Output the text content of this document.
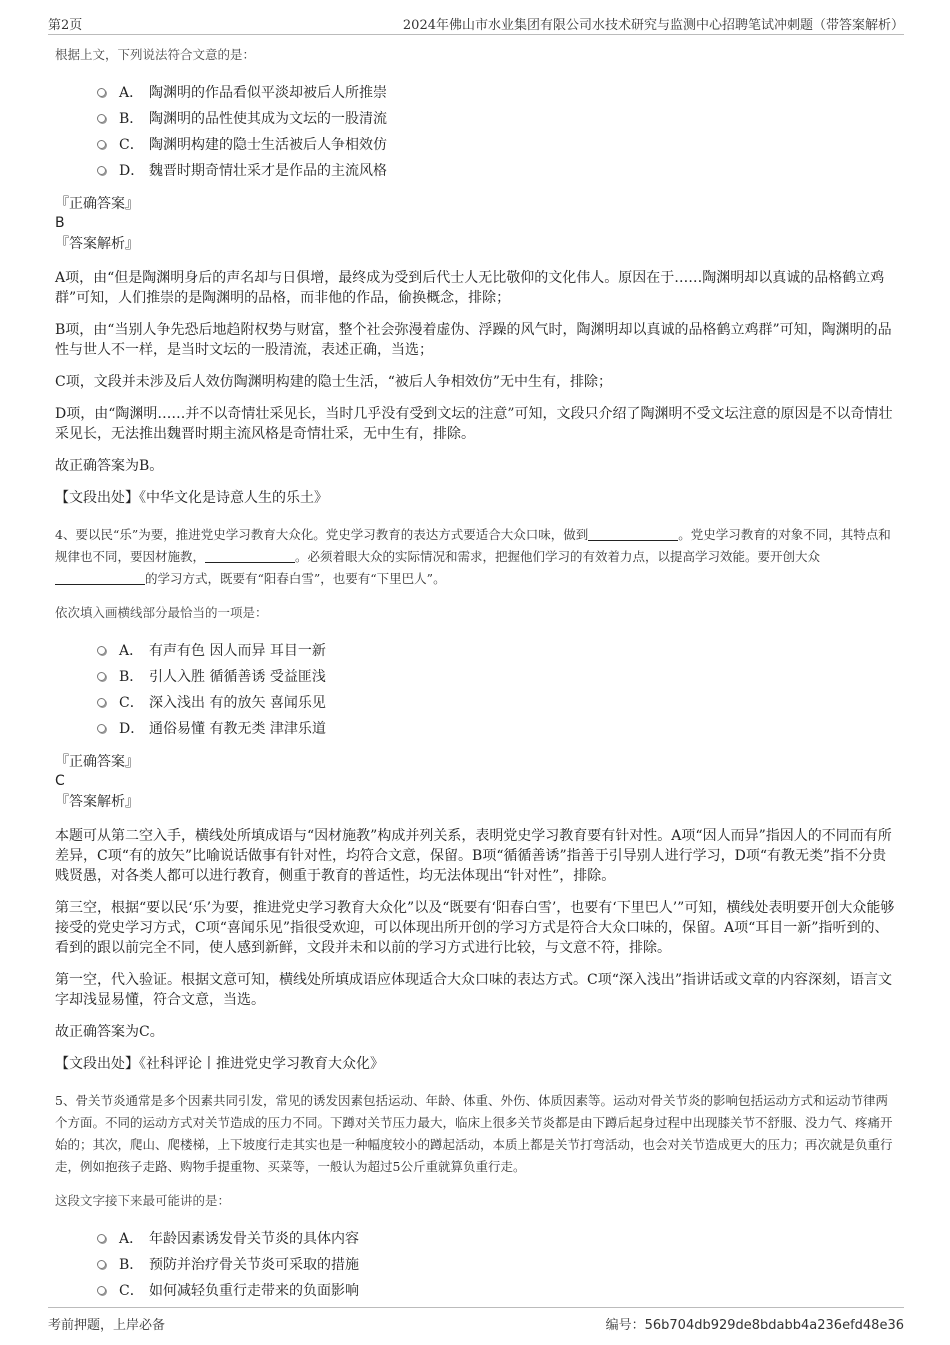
第2页	2024年佛山市水业集团有限公司水技术研究与监测中心招聘笔试冲刺题（带答案解析）
根据上文，下列说法符合文意的是：
A． 陶渊明的作品看似平淡却被后人所推崇
B． 陶渊明的品性使其成为文坛的一股清流
C． 陶渊明构建的隐士生活被后人争相效仿
D． 魏晋时期奇情壮采才是作品的主流风格
『正确答案』
B
『答案解析』

A项，由“但是陶渊明身后的声名却与日俱增，最终成为受到后代士人无比敬仰的文化伟人。原因在于……陶渊明却以真诚的品格鹤立鸡群”可知，人们推崇的是陶渊明的品格，而非他的作品，偷换概念，排除；

B项，由“当别人争先恐后地趋附权势与财富，整个社会弥漫着虚伪、浮躁的风气时，陶渊明却以真诚的品格鹤立鸡群”可知，陶渊明的品性与世人不一样，是当时文坛的一股清流，表述正确，当选；

C项，文段并未涉及后人效仿陶渊明构建的隐士生活，“被后人争相效仿”无中生有，排除；

D项，由“陶渊明……并不以奇情壮采见长，当时几乎没有受到文坛的注意”可知，文段只介绍了陶渊明不受文坛注意的原因是不以奇情壮采见长，无法推出魏晋时期主流风格是奇情壮采，无中生有，排除。

故正确答案为B。

【文段出处】《中华文化是诗意人生的乐土》

4、要以民“乐”为要，推进党史学习教育大众化。党史学习教育的表达方式要适合大众口味，做到	。党史学习教育的对象不同，其特点和规律也不同，要因材施教，	。必须着眼大众的实际情况和需求，把握他们学习的有效着力点，以提高学习效能。要开创大众的学习方式，既要有“阳春白雪”，也要有“下里巴人”。

依次填入画横线部分最恰当的一项是：
A． 有声有色 因人而异 耳目一新
B． 引人入胜 循循善诱 受益匪浅
C． 深入浅出 有的放矢 喜闻乐见
D． 通俗易懂 有教无类 津津乐道
『正确答案』
C
『答案解析』

本题可从第二空入手，横线处所填成语与“因材施教”构成并列关系，表明党史学习教育要有针对性。A项“因人而异”指因人的不同而有所差异，C项“有的放矢”比喻说话做事有针对性，均符合文意，保留。B项“循循善诱”指善于引导别人进行学习，D项“有教无类”指不分贵贱贤愚，对各类人都可以进行教育，侧重于教育的普适性，均无法体现出“针对性”，排除。

第三空，根据“要以民‘乐’为要，推进党史学习教育大众化”以及“既要有‘阳春白雪’，也要有‘下里巴人’”可知，横线处表明要开创大众能够接受的党史学习方式，C项“喜闻乐见”指很受欢迎，可以体现出所开创的学习方式是符合大众口味的，保留。A项“耳目一新”指听到的、看到的跟以前完全不同，使人感到新鲜，文段并未和以前的学习方式进行比较，与文意不符，排除。

第一空，代入验证。根据文意可知，横线处所填成语应体现适合大众口味的表达方式。C项“深入浅出”指讲话或文章的内容深刻，语言文字却浅显易懂，符合文意，当选。

故正确答案为C。

【文段出处】《社科评论丨推进党史学习教育大众化》

5、骨关节炎通常是多个因素共同引发，常见的诱发因素包括运动、年龄、体重、外伤、体质因素等。运动对骨关节炎的影响包括运动方式和运动节律两个方面。不同的运动方式对关节造成的压力不同。下蹲对关节压力最大，临床上很多关节炎都是由下蹲后起身过程中出现膝关节不舒服、没力气、疼痛开始的；其次，爬山、爬楼梯，上下坡度行走其实也是一种幅度较小的蹲起活动，本质上都是关节打弯活动，也会对关节造成更大的压力；再次就是负重行走，例如抱孩子走路、购物手提重物、买菜等，一般认为超过5公斤重就算负重行走。

这段文字接下来最可能讲的是：
A． 年龄因素诱发骨关节炎的具体内容
B． 预防并治疗骨关节炎可采取的措施
C． 如何减轻负重行走带来的负面影响
考前押题，上岸必备	编号：56b704db929de8bdabb4a236efd48e36
